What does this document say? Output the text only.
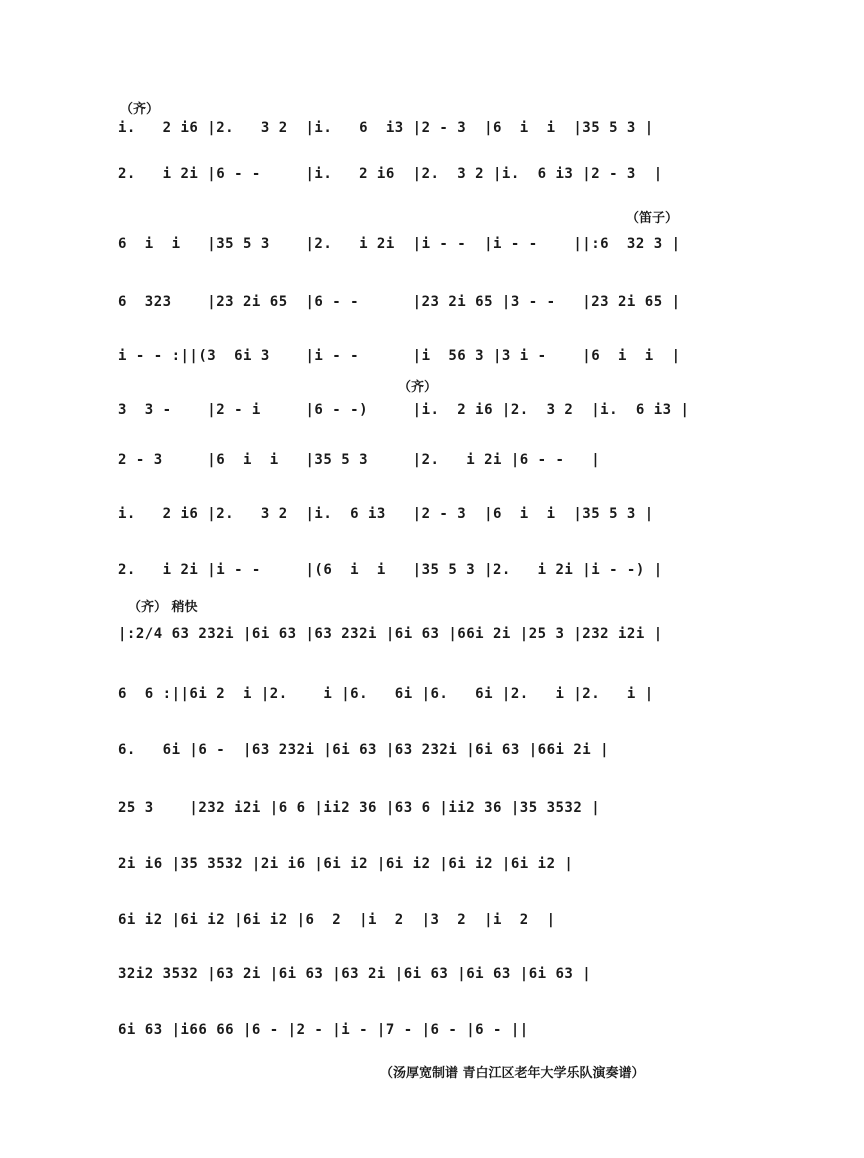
（齐）
（笛子）
（齐）
（齐） 稍快
i.   2 i6 |2.   3 2  |i.   6  i3 |2 - 3  |6  i  i  |35 5 3 |
2.   i 2i |6 - -     |i.   2 i6  |2.  3 2 |i.  6 i3 |2 - 3  |
6  i  i   |35 5 3    |2.   i 2i  |i - -  |i - -    ||:6  32 3 |
6  323    |23 2i 65  |6 - -      |23 2i 65 |3 - -   |23 2i 65 |
i - - :||(3  6i 3    |i - -      |i  56 3 |3 i -    |6  i  i  |
3  3 -    |2 - i     |6 - -)     |i.  2 i6 |2.  3 2  |i.  6 i3 |
2 - 3     |6  i  i   |35 5 3     |2.   i 2i |6 - -   |
i.   2 i6 |2.   3 2  |i.  6 i3   |2 - 3  |6  i  i  |35 5 3 |
2.   i 2i |i - -     |(6  i  i   |35 5 3 |2.   i 2i |i - -) |
|:2/4 63 232i |6i 63 |63 232i |6i 63 |66i 2i |25 3 |232 i2i |
6  6 :||6i 2  i |2.    i |6.   6i |6.   6i |2.   i |2.   i |
6.   6i |6 -  |63 232i |6i 63 |63 232i |6i 63 |66i 2i |
25 3    |232 i2i |6 6 |ii2 36 |63 6 |ii2 36 |35 3532 |
2i i6 |35 3532 |2i i6 |6i i2 |6i i2 |6i i2 |6i i2 |
6i i2 |6i i2 |6i i2 |6  2  |i  2  |3  2  |i  2  |
32i2 3532 |63 2i |6i 63 |63 2i |6i 63 |6i 63 |6i 63 |
6i 63 |i66 66 |6 - |2 - |i - |7 - |6 - |6 - ||
（汤厚宽制谱 青白江区老年大学乐队演奏谱）
